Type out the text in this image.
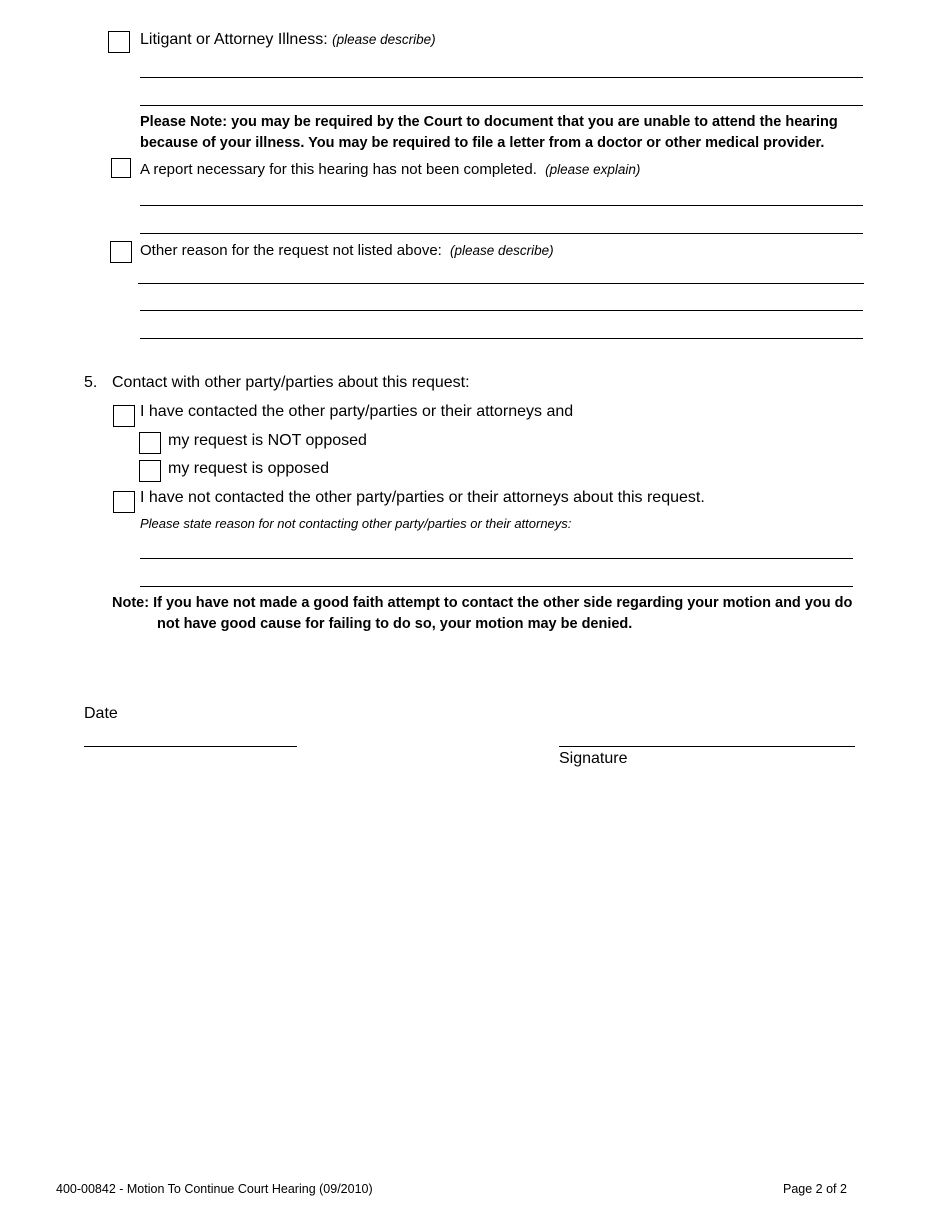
Litigant or Attorney Illness: (please describe)
Please Note: you may be required by the Court to document that you are unable to attend the hearing
because of your illness. You may be required to file a letter from a doctor or other medical provider.
A report necessary for this hearing has not been completed. (please explain)
Other reason for the request not listed above: (please describe)
5. Contact with other party/parties about this request:
I have contacted the other party/parties or their attorneys and
my request is NOT opposed
my request is opposed
I have not contacted the other party/parties or their attorneys about this request.
Please state reason for not contacting other party/parties or their attorneys:
Note: If you have not made a good faith attempt to contact the other side regarding your motion and you do
not have good cause for failing to do so, your motion may be denied.
Date
Signature
400-00842 - Motion To Continue Court Hearing (09/2010)	Page 2 of 2
